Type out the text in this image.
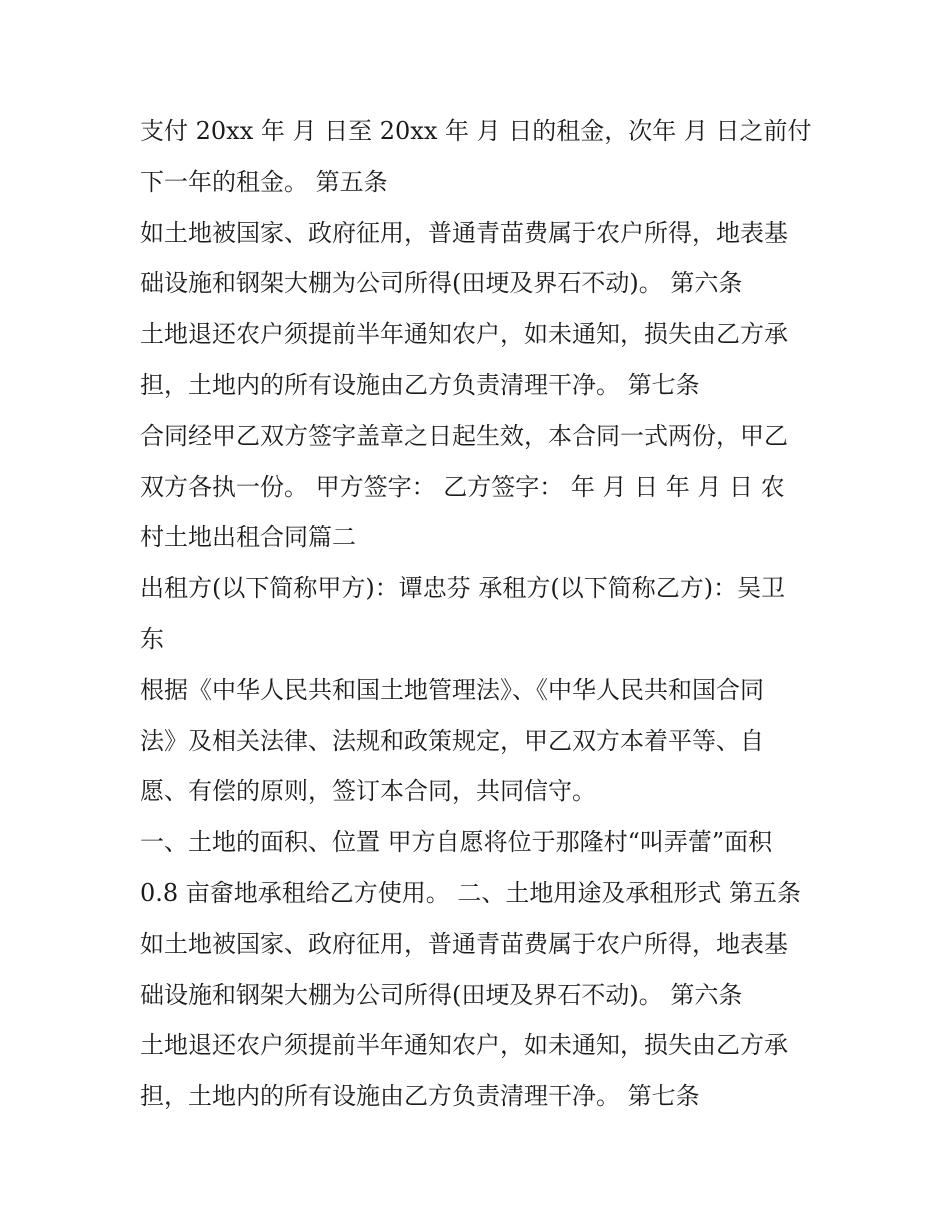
支付 20xx 年 月 日至 20xx 年 月 日的租金，次年 月 日之前付
下一年的租金。 第五条
如土地被国家、政府征用，普通青苗费属于农户所得，地表基
础设施和钢架大棚为公司所得(田埂及界石不动)。 第六条
土地退还农户须提前半年通知农户，如未通知，损失由乙方承
担，土地内的所有设施由乙方负责清理干净。 第七条
合同经甲乙双方签字盖章之日起生效，本合同一式两份，甲乙
双方各执一份。 甲方签字： 乙方签字： 年 月 日 年 月 日 农
村土地出租合同篇二
出租方(以下简称甲方)：谭忠芬 承租方(以下简称乙方)：吴卫
东
根据《中华人民共和国土地管理法》、《中华人民共和国合同
法》及相关法律、法规和政策规定，甲乙双方本着平等、自
愿、有偿的原则，签订本合同，共同信守。
一、土地的面积、位置 甲方自愿将位于那隆村“叫弄蕾”面积
0.8 亩畲地承租给乙方使用。 二、土地用途及承租形式 第五条
如土地被国家、政府征用，普通青苗费属于农户所得，地表基
础设施和钢架大棚为公司所得(田埂及界石不动)。 第六条
土地退还农户须提前半年通知农户，如未通知，损失由乙方承
担，土地内的所有设施由乙方负责清理干净。 第七条
